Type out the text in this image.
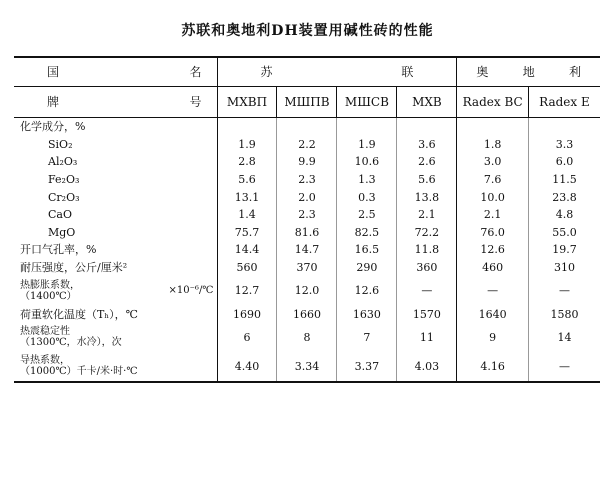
苏联和奥地利DH装置用碱性砖的性能
国 名	苏 联				奥 地 利	

牌 号	MXBП	MШПВ	MШCB	MXB	Radex BC	Radex E
化学成分，%						
SiO₂	1.9	2.2	1.9	3.6	1.8	3.3
Al₂O₃	2.8	9.9	10.6	2.6	3.0	6.0
Fe₂O₃	5.6	2.3	1.3	5.6	7.6	11.5
Cr₂O₃	13.1	2.0	0.3	13.8	10.0	23.8
CaO	1.4	2.3	2.5	2.1	2.1	4.8
MgO	75.7	81.6	82.5	72.2	76.0	55.0
开口气孔率，%	14.4	14.7	16.5	11.8	12.6	19.7
耐压强度，公斤/厘米²	560	370	290	360	460	310

热膨胀系数，
（1400℃） ×10⁻⁶/℃	12.7	12.0	12.6	—	—	—
荷重软化温度（Tₕ），℃	1690	1660	1630	1570	1640	1580

热震稳定性
（1300℃，水冷），次	6	8	7	11	9	14

导热系数，
（1000℃）千卡/米·时·℃	4.40	3.34	3.37	4.03	4.16	—
